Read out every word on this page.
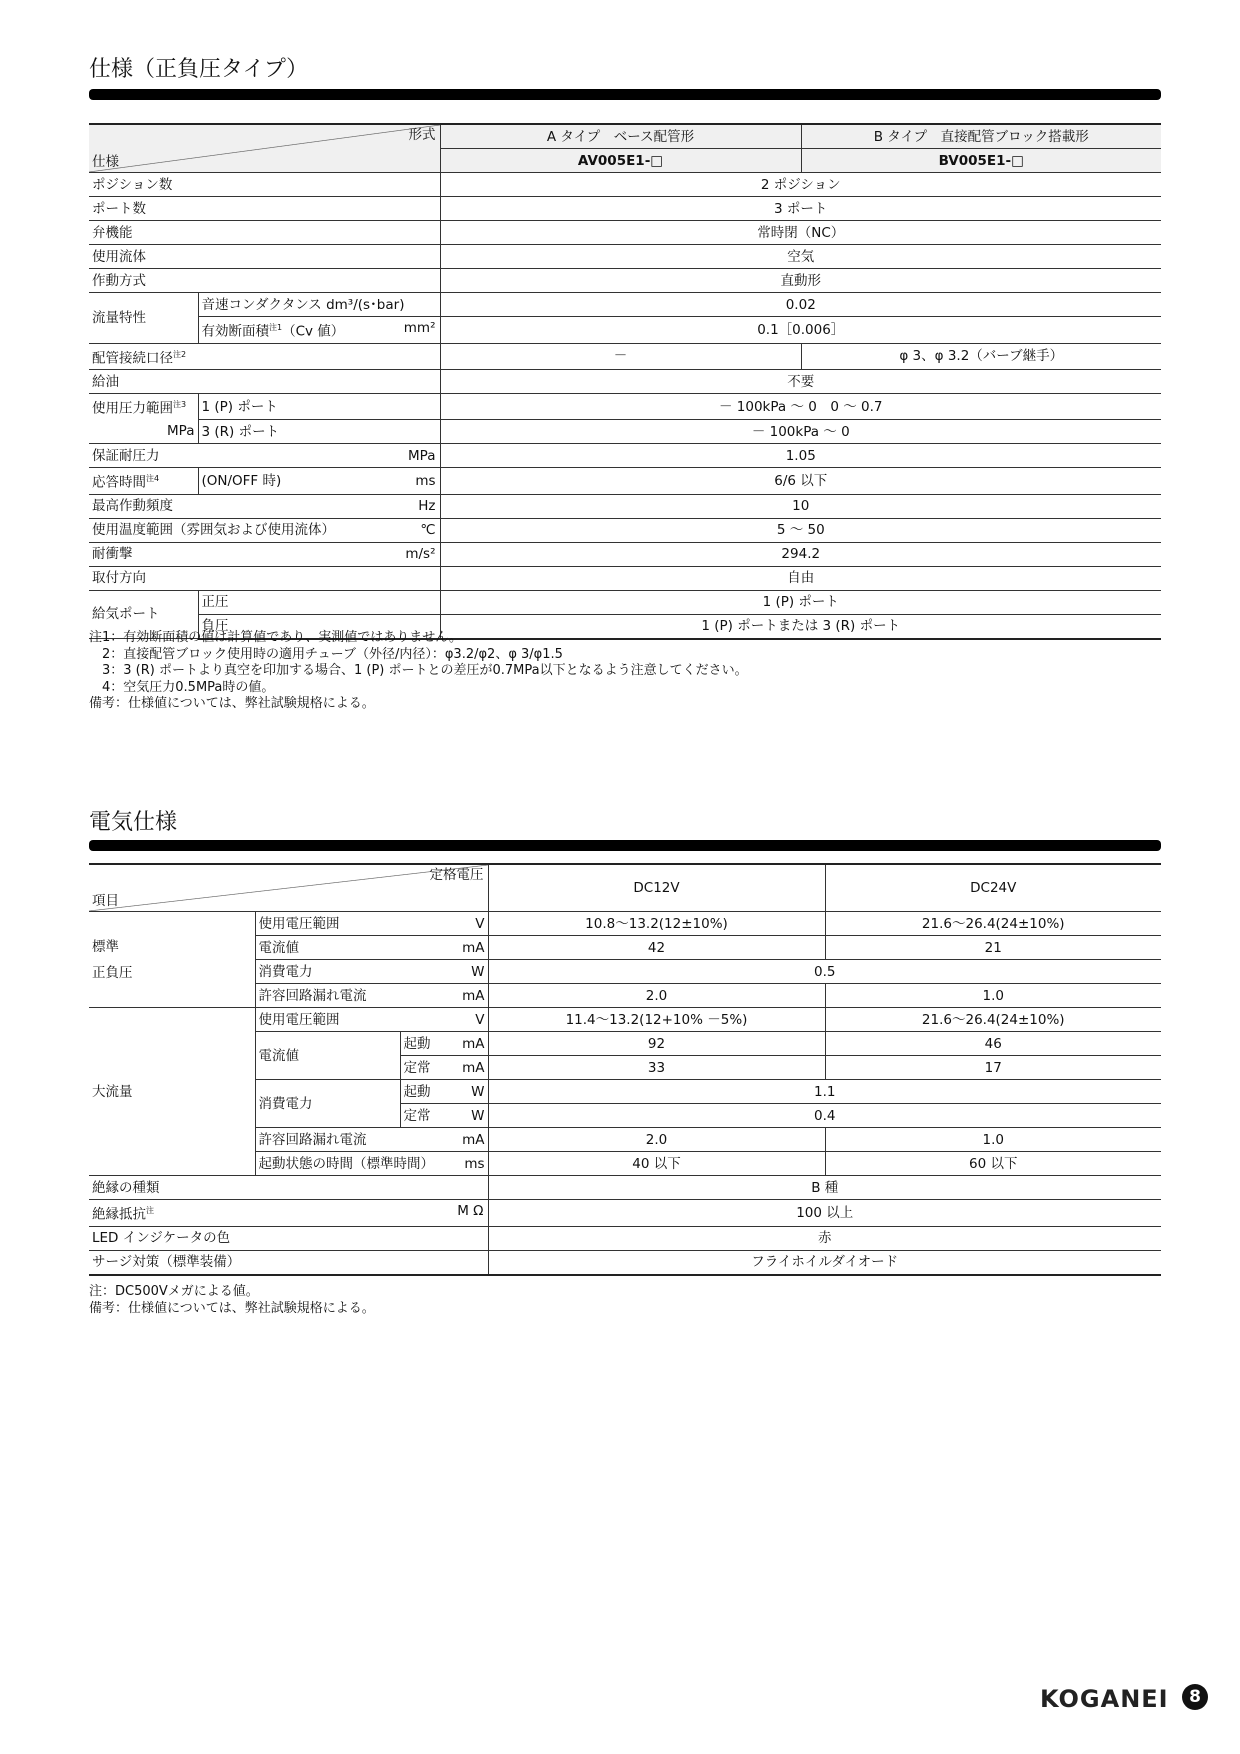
仕様（正負圧タイプ）
形式
仕様		A タイプ　ベース配管形	B タイプ　直接配管ブロック搭載形
		AV005E1-□	BV005E1-□
ポジション数		2 ポジション	
ポート数		3 ポート	
弁機能		常時閉（NC）	
使用流体		空気	
作動方式		直動形	
流量特性	音速コンダクタンス dm³/(s･bar)	0.02	
	有効断面積$^{注1}$（Cv 値） mm²	0.1［0.006］	
配管接続口径$^{注2}$		－	φ 3、φ 3.2（バーブ継手）
給油		不要	
使用圧力範囲$^{注3}$	1 (P) ポート	－ 100kPa ～ 0　0 ～ 0.7	
MPa	3 (R) ポート	－ 100kPa ～ 0	
保証耐圧力 MPa		1.05	
応答時間$^{注4}$	(ON/OFF 時) ms	6/6 以下	
最高作動頻度 Hz		10	
使用温度範囲（雰囲気および使用流体） ℃		5 ～ 50	
耐衝撃 m/s²		294.2	
取付方向		自由	
給気ポート	正圧	1 (P) ポート	
	負圧	1 (P) ポートまたは 3 (R) ポート	
注1：有効断面積の値は計算値であり、実測値ではありません。
2：直接配管ブロック使用時の適用チューブ（外径/内径）：φ3.2/φ2、φ 3/φ1.5
3：3 (R) ポートより真空を印加する場合、1 (P) ポートとの差圧が0.7MPa以下となるよう注意してください。
4：空気圧力0.5MPa時の値。
備考：仕様値については、弊社試験規格による。
電気仕様
定格電圧
項目				DC12V	DC24V

標準
正負圧	使用電圧範囲		V	10.8～13.2(12±10%)	21.6～26.4(24±10%)
	電流値		mA	42	21
	消費電力		W	0.5	
	許容回路漏れ電流		mA	2.0	1.0
大流量	使用電圧範囲		V	11.4～13.2(12+10% －5%)	21.6～26.4(24±10%)
	電流値	起動	mA	92	46
		定常	mA	33	17
	消費電力	起動	W	1.1	
		定常	W	0.4	
	許容回路漏れ電流		mA	2.0	1.0
	起動状態の時間（標準時間）		ms	40 以下	60 以下
絶縁の種類				B 種	
絶縁抵抗$^注$ M Ω				100 以上	
LED インジケータの色				赤	
サージ対策（標準装備）				フライホイルダイオード	
注：DC500Vメガによる値。
備考：仕様値については、弊社試験規格による。
KOGANEI	8
